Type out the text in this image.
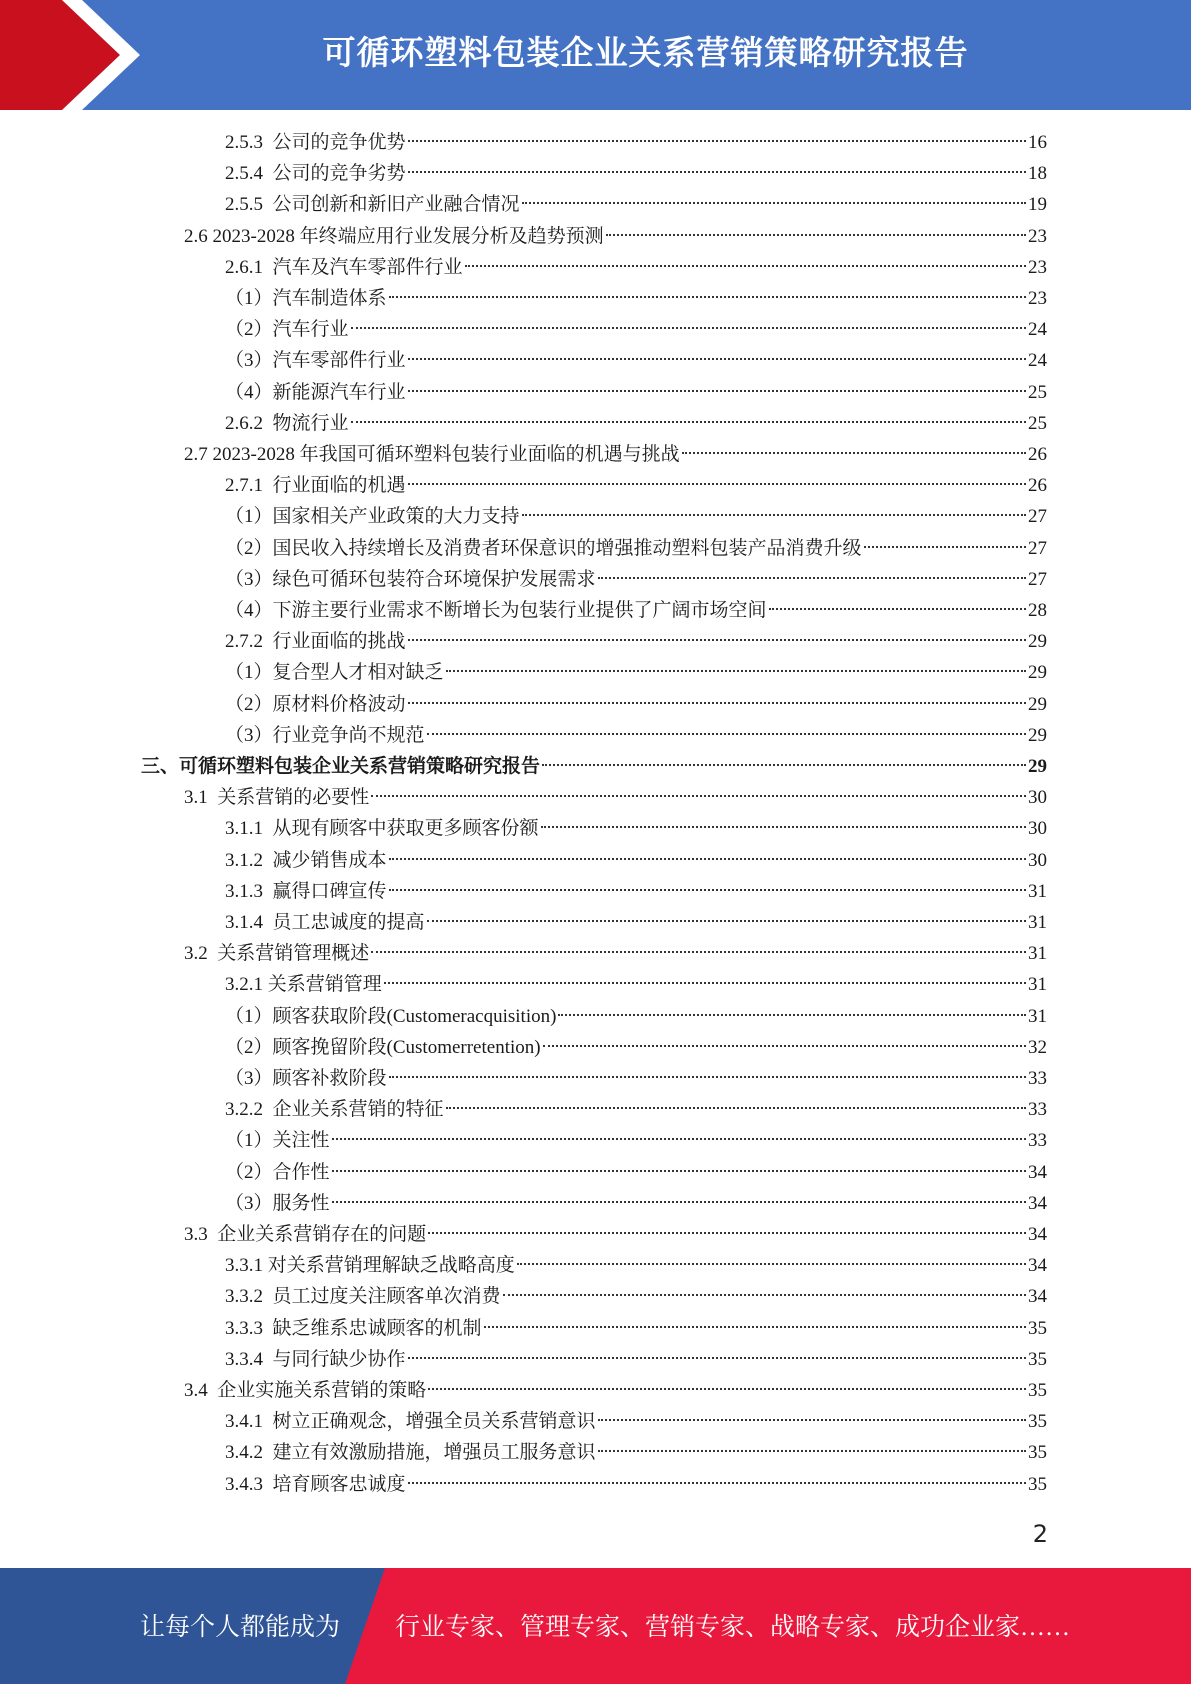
可循环塑料包装企业关系营销策略研究报告
2.5.3 公司的竞争优势	16
2.5.4 公司的竞争劣势	18
2.5.5 公司创新和新旧产业融合情况	19
2.6 2023-2028 年终端应用行业发展分析及趋势预测	23
2.6.1 汽车及汽车零部件行业	23
（1） 汽车制造体系	23
（2） 汽车行业	24
（3） 汽车零部件行业	24
（4） 新能源汽车行业	25
2.6.2 物流行业	25
2.7 2023-2028 年我国可循环塑料包装行业面临的机遇与挑战	26
2.7.1 行业面临的机遇	26
（1） 国家相关产业政策的大力支持	27
（2） 国民收入持续增长及消费者环保意识的增强推动塑料包装产品消费升级	27
（3） 绿色可循环包装符合环境保护发展需求	27
（4） 下游主要行业需求不断增长为包装行业提供了广阔市场空间	28
2.7.2 行业面临的挑战	29
（1） 复合型人才相对缺乏	29
（2） 原材料价格波动	29
（3） 行业竞争尚不规范	29
三、 可循环塑料包装企业关系营销策略研究报告	29
3.1 关系营销的必要性	30
3.1.1 从现有顾客中获取更多顾客份额	30
3.1.2 减少销售成本	30
3.1.3 赢得口碑宣传	31
3.1.4 员工忠诚度的提高	31
3.2 关系营销管理概述	31
3.2.1 关系营销管理	31
（1） 顾客获取阶段(Customeracquisition)	31
（2） 顾客挽留阶段(Customerretention)	32
（3） 顾客补救阶段	33
3.2.2 企业关系营销的特征	33
（1） 关注性	33
（2） 合作性	34
（3） 服务性	34
3.3 企业关系营销存在的问题	34
3.3.1 对关系营销理解缺乏战略高度	34
3.3.2 员工过度关注顾客单次消费	34
3.3.3 缺乏维系忠诚顾客的机制	35
3.3.4 与同行缺少协作	35
3.4 企业实施关系营销的策略	35
3.4.1 树立正确观念，增强全员关系营销意识	35
3.4.2 建立有效激励措施，增强员工服务意识	35
3.4.3 培育顾客忠诚度	35
2
让每个人都能成为 行业专家、管理专家、营销专家、战略专家、成功企业家……
